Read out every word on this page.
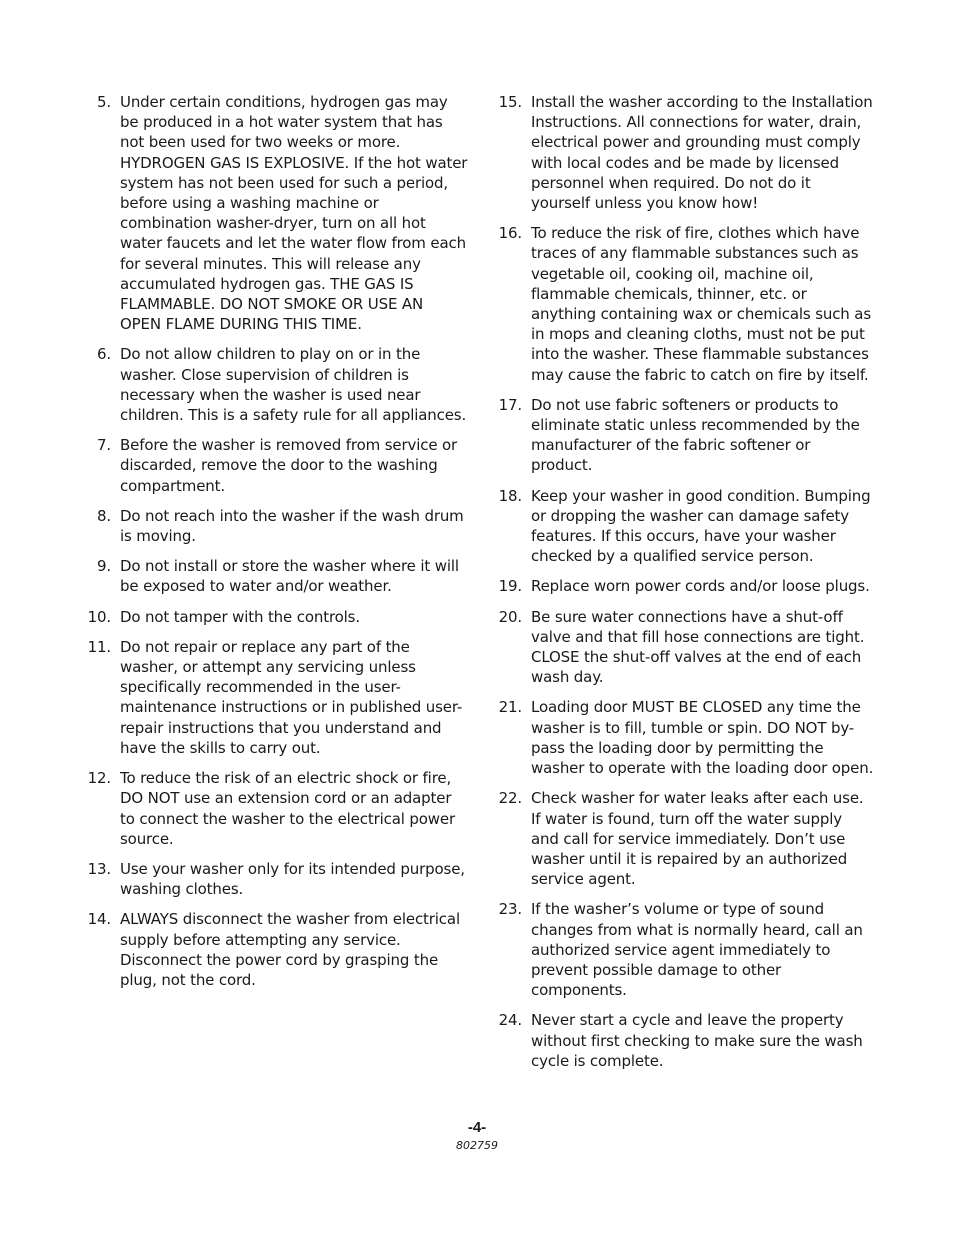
5. Under certain conditions, hydrogen gas may be produced in a hot water system that has not been used for two weeks or more. HYDROGEN GAS IS EXPLOSIVE. If the hot water system has not been used for such a period, before using a washing machine or combination washer-dryer, turn on all hot water faucets and let the water flow from each for several minutes. This will release any accumulated hydrogen gas. THE GAS IS FLAMMABLE. DO NOT SMOKE OR USE AN OPEN FLAME DURING THIS TIME.
6. Do not allow children to play on or in the washer. Close supervision of children is necessary when the washer is used near children. This is a safety rule for all appliances.
7. Before the washer is removed from service or discarded, remove the door to the washing compartment.
8. Do not reach into the washer if the wash drum is moving.
9. Do not install or store the washer where it will be exposed to water and/or weather.
10. Do not tamper with the controls.
11. Do not repair or replace any part of the washer, or attempt any servicing unless specifically recommended in the user-maintenance instructions or in published user-repair instructions that you understand and have the skills to carry out.
12. To reduce the risk of an electric shock or fire, DO NOT use an extension cord or an adapter to connect the washer to the electrical power source.
13. Use your washer only for its intended purpose, washing clothes.
14. ALWAYS disconnect the washer from electrical supply before attempting any service. Disconnect the power cord by grasping the plug, not the cord.
15. Install the washer according to the Installation Instructions. All connections for water, drain, electrical power and grounding must comply with local codes and be made by licensed personnel when required. Do not do it yourself unless you know how!
16. To reduce the risk of fire, clothes which have traces of any flammable substances such as vegetable oil, cooking oil, machine oil, flammable chemicals, thinner, etc. or anything containing wax or chemicals such as in mops and cleaning cloths, must not be put into the washer. These flammable substances may cause the fabric to catch on fire by itself.
17. Do not use fabric softeners or products to eliminate static unless recommended by the manufacturer of the fabric softener or product.
18. Keep your washer in good condition. Bumping or dropping the washer can damage safety features. If this occurs, have your washer checked by a qualified service person.
19. Replace worn power cords and/or loose plugs.
20. Be sure water connections have a shut-off valve and that fill hose connections are tight. CLOSE the shut-off valves at the end of each wash day.
21. Loading door MUST BE CLOSED any time the washer is to fill, tumble or spin. DO NOT by-pass the loading door by permitting the washer to operate with the loading door open.
22. Check washer for water leaks after each use. If water is found, turn off the water supply and call for service immediately. Don’t use washer until it is repaired by an authorized service agent.
23. If the washer’s volume or type of sound changes from what is normally heard, call an authorized service agent immediately to prevent possible damage to other components.
24. Never start a cycle and leave the property without first checking to make sure the wash cycle is complete.
-4-
802759
